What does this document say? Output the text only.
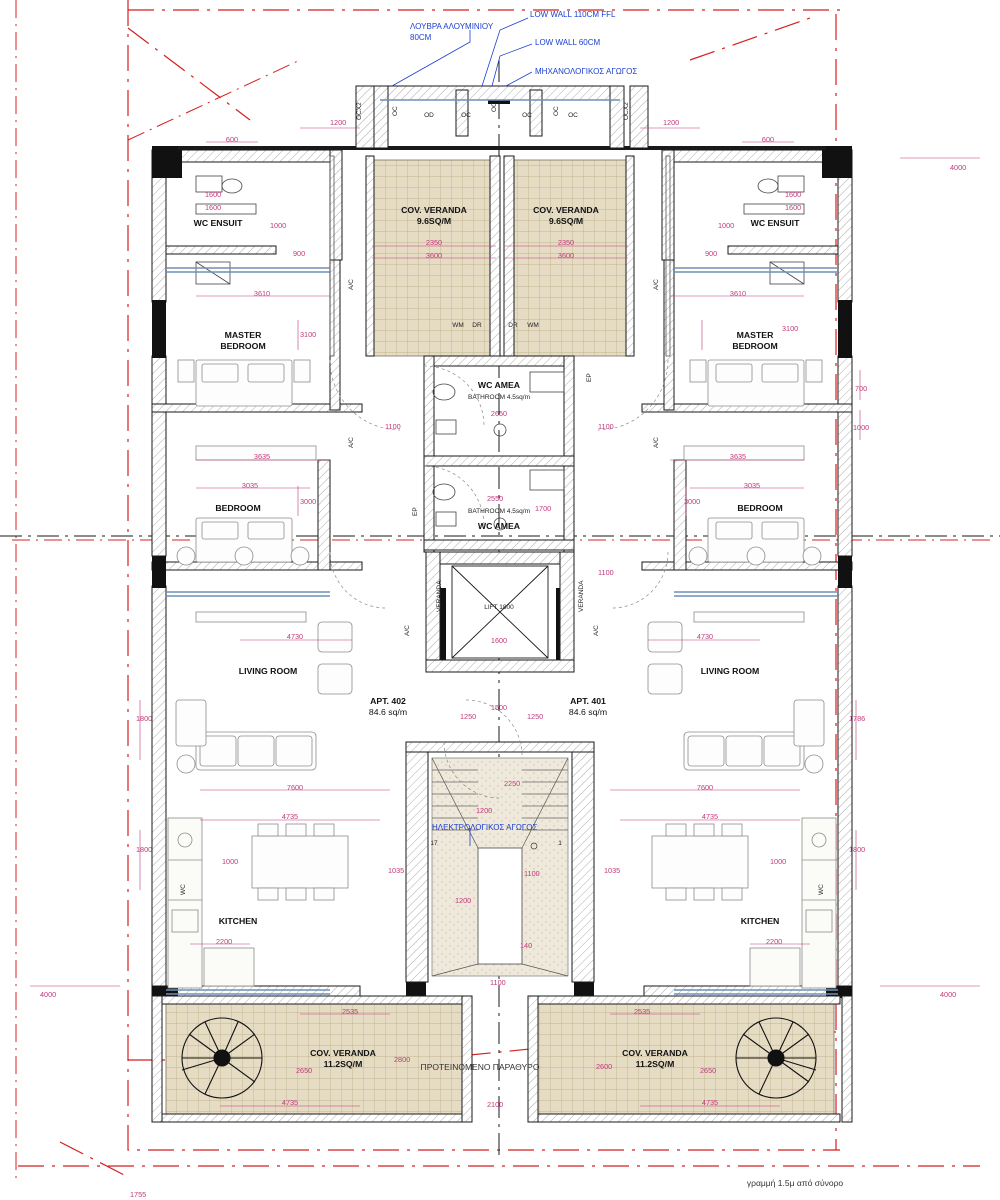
WC ENSUIT	WC ENSUIT
COV. VERANDA
9.6SQ/M
COV. VERANDA
9.6SQ/M
MASTER
BEDROOM
MASTER
BEDROOM
BEDROOM	BEDROOM
LIVING ROOM	LIVING ROOM
KITCHEN	KITCHEN
WC AMEA
WC AMEA
COV. VERANDA
11.2SQ/M
COV. VERANDA
11.2SQ/M
APT. 402
84.6 sq/m
APT. 401
84.6 sq/m
ΛΟΥΒΡΑ ΑΛΟΥΜΙΝΙΟΥ
80CM
LOW WALL 110CM FFL
LOW WALL 60CM
ΜΗΧΑΝΟΛΟΓΙΚΟΣ ΑΓΩΓΟΣ
ΗΛΕΚΤΡΟΛΟΓΙΚΟΣ ΑΓΩΓΟΣ
1200	1200
600	600
4000
1600
1600
1600
1600
1000	1000
900	900
2350
3600
2350
3600
3610	3610
3100
3100
700
1000
1100	1100
2650
3635	3635
3035	3035
3000	3000
2550
1700
1100
1600
4730	4730
1500
1250	1250
1800	1786
7600	7600
2250
1200
4735	4735
1800	1800
1000	1000
1035	1035
1100
1200
2200	2200
140
1100
4000	4000
2535	2535
2800
2650	2650
2600
2100
4735	4735
1755
BATHROOM 4.5sq/m
BATHROOM 4.5sq/m
LIFT 1800
OD	OC	OC	OC
WM DR	DR WM
17	1
OCX2	OC	OC	OC	OCX2
A/C	A/C
A/C	A/C
A/C	A/C
EP
EP
VERANDA	VERANDA
WC	WC
ΠΡΟΤΕΙΝΟΜΕΝΟ ΠΑΡΑΘΥΡΟ
γραμμή 1.5μ από σύνορο
